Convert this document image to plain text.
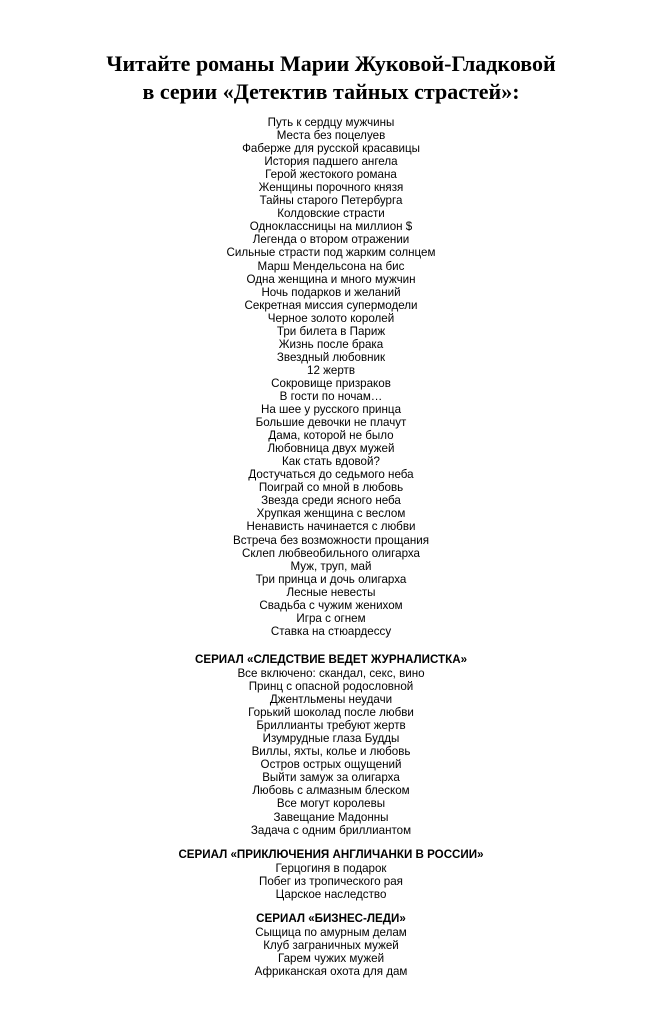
Читайте романы Марии Жуковой-Гладковой
в серии «Детектив тайных страстей»:
Путь к сердцу мужчины
Места без поцелуев
Фаберже для русской красавицы
История падшего ангела
Герой жестокого романа
Женщины порочного князя
Тайны старого Петербурга
Колдовские страсти
Одноклассницы на миллион $
Легенда о втором отражении
Сильные страсти под жарким солнцем
Марш Мендельсона на бис
Одна женщина и много мужчин
Ночь подарков и желаний
Секретная миссия супермодели
Черное золото королей
Три билета в Париж
Жизнь после брака
Звездный любовник
12 жертв
Сокровище призраков
В гости по ночам…
На шее у русского принца
Большие девочки не плачут
Дама, которой не было
Любовница двух мужей
Как стать вдовой?
Достучаться до седьмого неба
Поиграй со мной в любовь
Звезда среди ясного неба
Хрупкая женщина с веслом
Ненависть начинается с любви
Встреча без возможности прощания
Склеп любвеобильного олигарха
Муж, труп, май
Три принца и дочь олигарха
Лесные невесты
Свадьба с чужим женихом
Игра с огнем
Ставка на стюардессу
СЕРИАЛ «СЛЕДСТВИЕ ВЕДЕТ ЖУРНАЛИСТКА»
Все включено: скандал, секс, вино
Принц с опасной родословной
Джентльмены неудачи
Горький шоколад после любви
Бриллианты требуют жертв
Изумрудные глаза Будды
Виллы, яхты, колье и любовь
Остров острых ощущений
Выйти замуж за олигарха
Любовь с алмазным блеском
Все могут королевы
Завещание Мадонны
Задача с одним бриллиантом
СЕРИАЛ «ПРИКЛЮЧЕНИЯ АНГЛИЧАНКИ В РОССИИ»
Герцогиня в подарок
Побег из тропического рая
Царское наследство
СЕРИАЛ «БИЗНЕС-ЛЕДИ»
Сыщица по амурным делам
Клуб заграничных мужей
Гарем чужих мужей
Африканская охота для дам
